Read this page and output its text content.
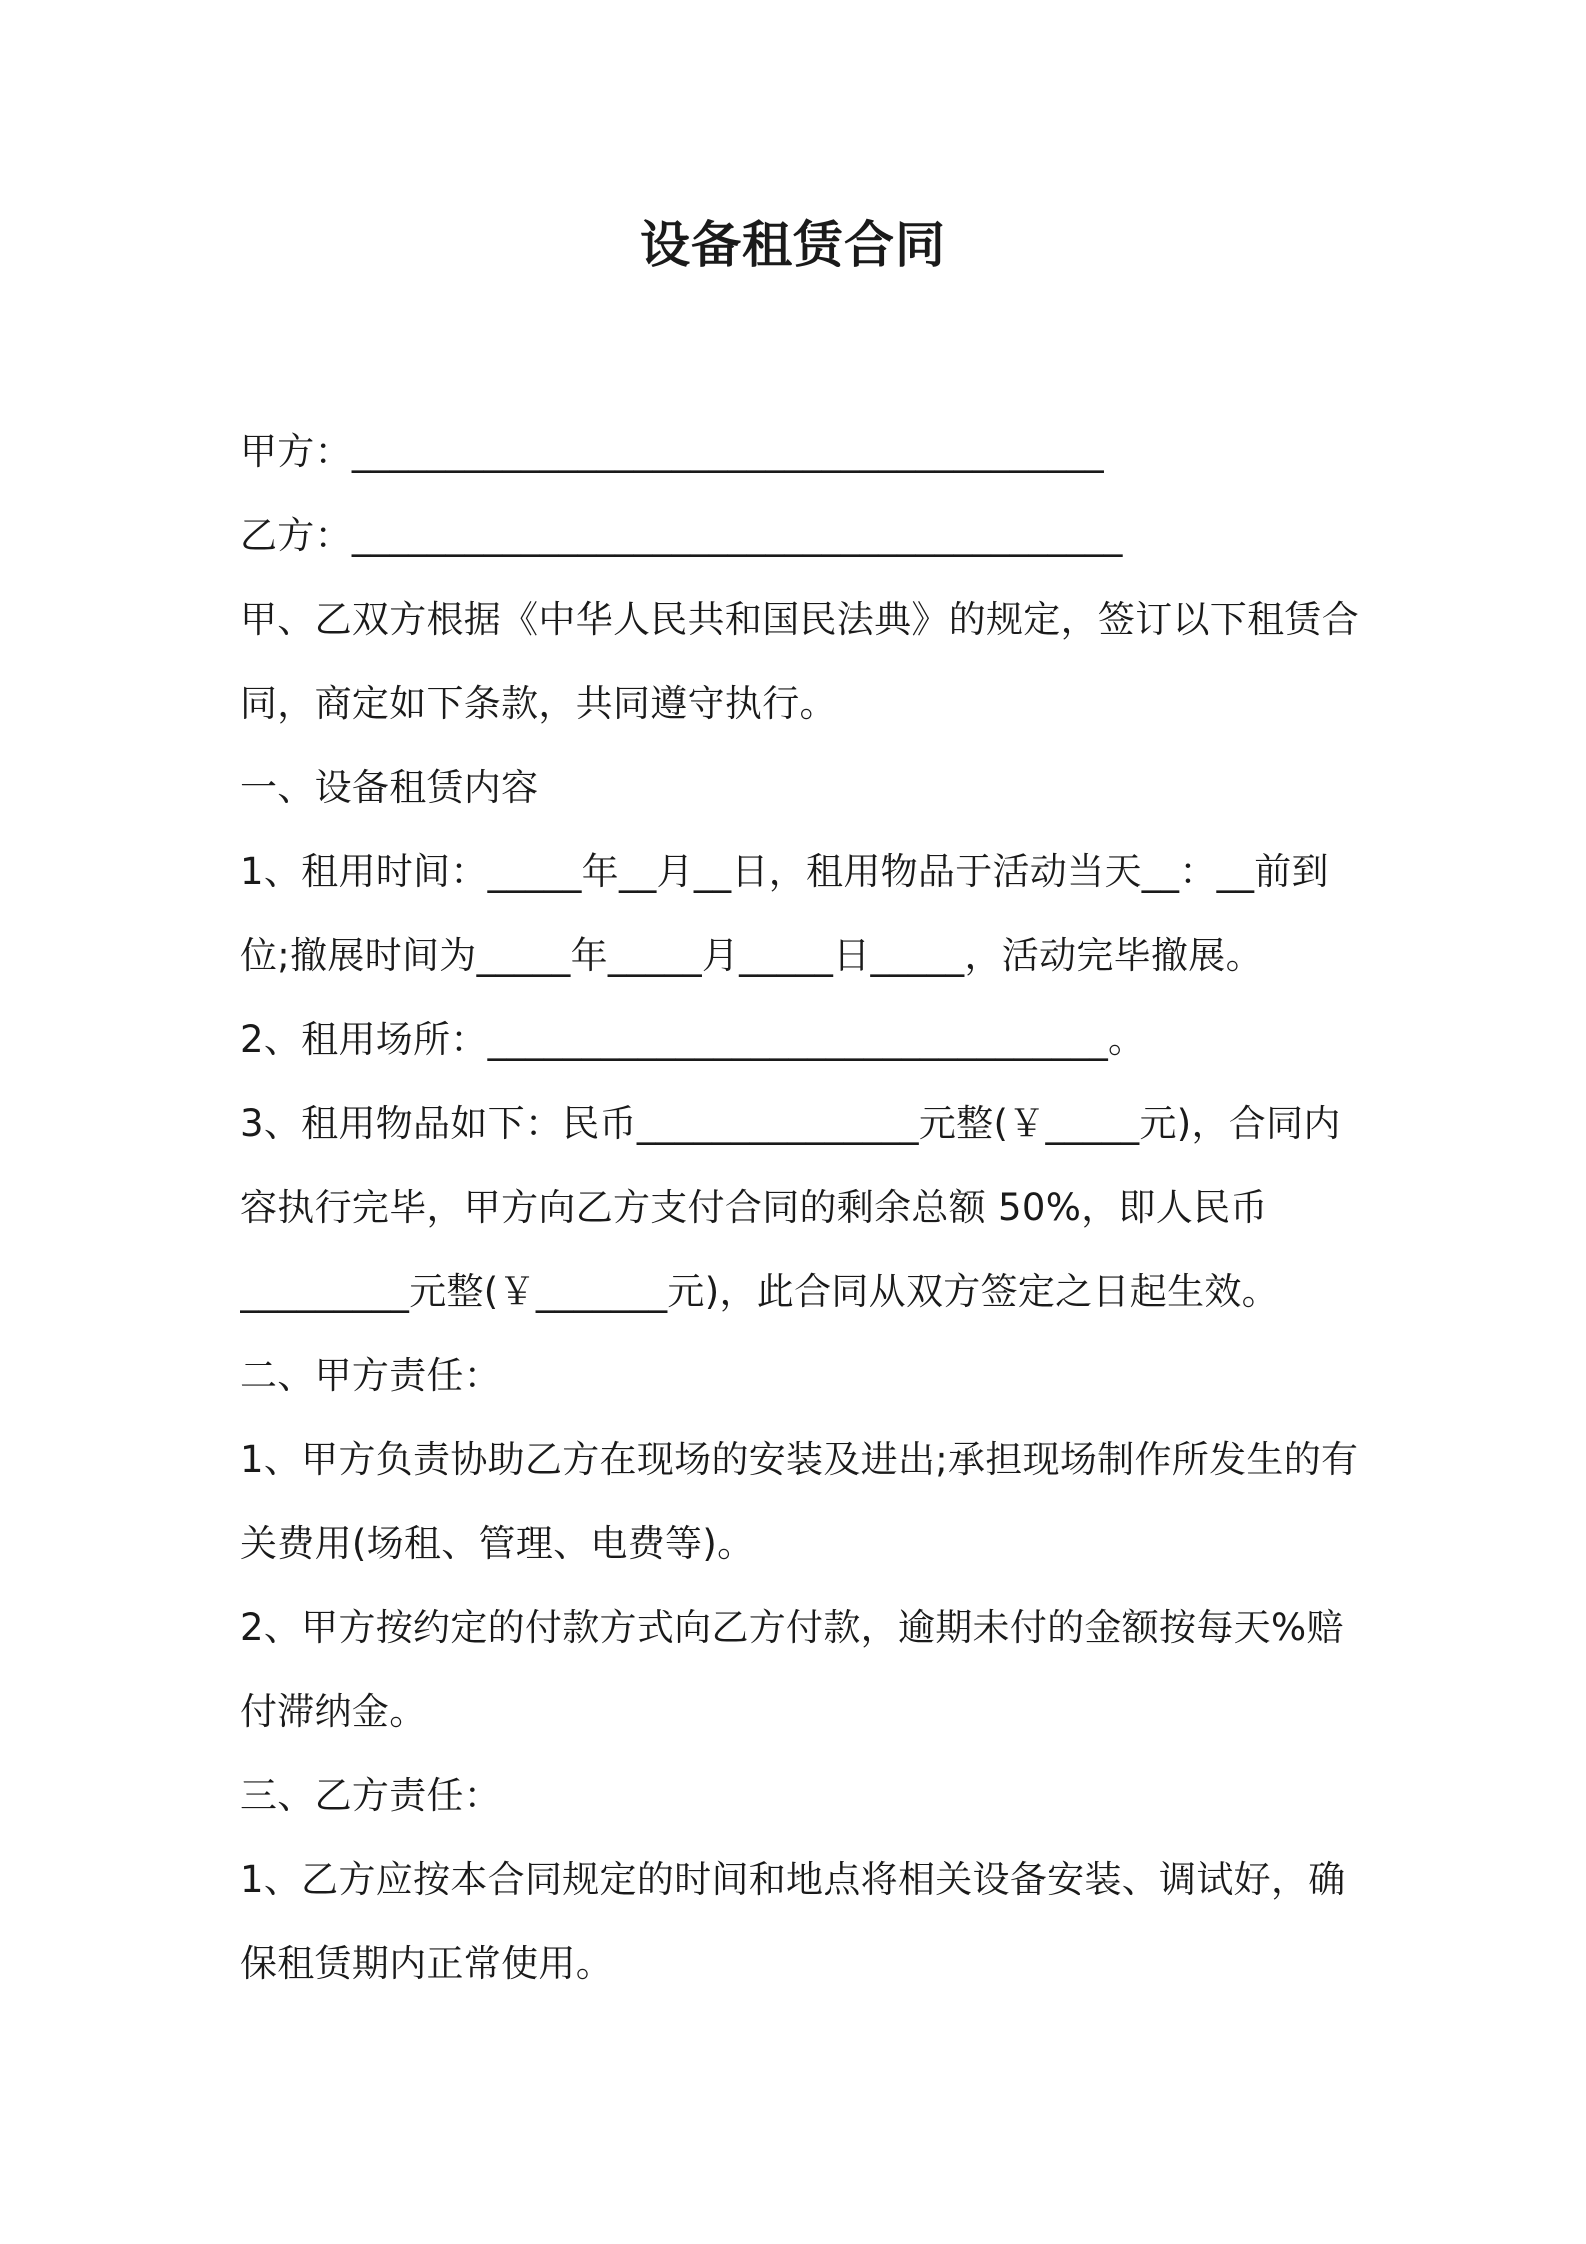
设备租赁合同
甲方：________________________________________
乙方：_________________________________________
甲、乙双方根据《中华人民共和国民法典》的规定，签订以下租赁合
同，商定如下条款，共同遵守执行。
一、设备租赁内容
1、租用时间：_____年__月__日，租用物品于活动当天__：__前到
位;撤展时间为_____年_____月_____日_____，活动完毕撤展。
2、租用场所：_________________________________。
3、租用物品如下：民币_______________元整(￥_____元)，合同内
容执行完毕，甲方向乙方支付合同的剩余总额 50%，即人民币
_________元整(￥_______元)，此合同从双方签定之日起生效。
二、甲方责任：
1、甲方负责协助乙方在现场的安装及进出;承担现场制作所发生的有
关费用(场租、管理、电费等)。
2、甲方按约定的付款方式向乙方付款，逾期未付的金额按每天%赔
付滞纳金。
三、乙方责任：
1、乙方应按本合同规定的时间和地点将相关设备安装、调试好，确
保租赁期内正常使用。
